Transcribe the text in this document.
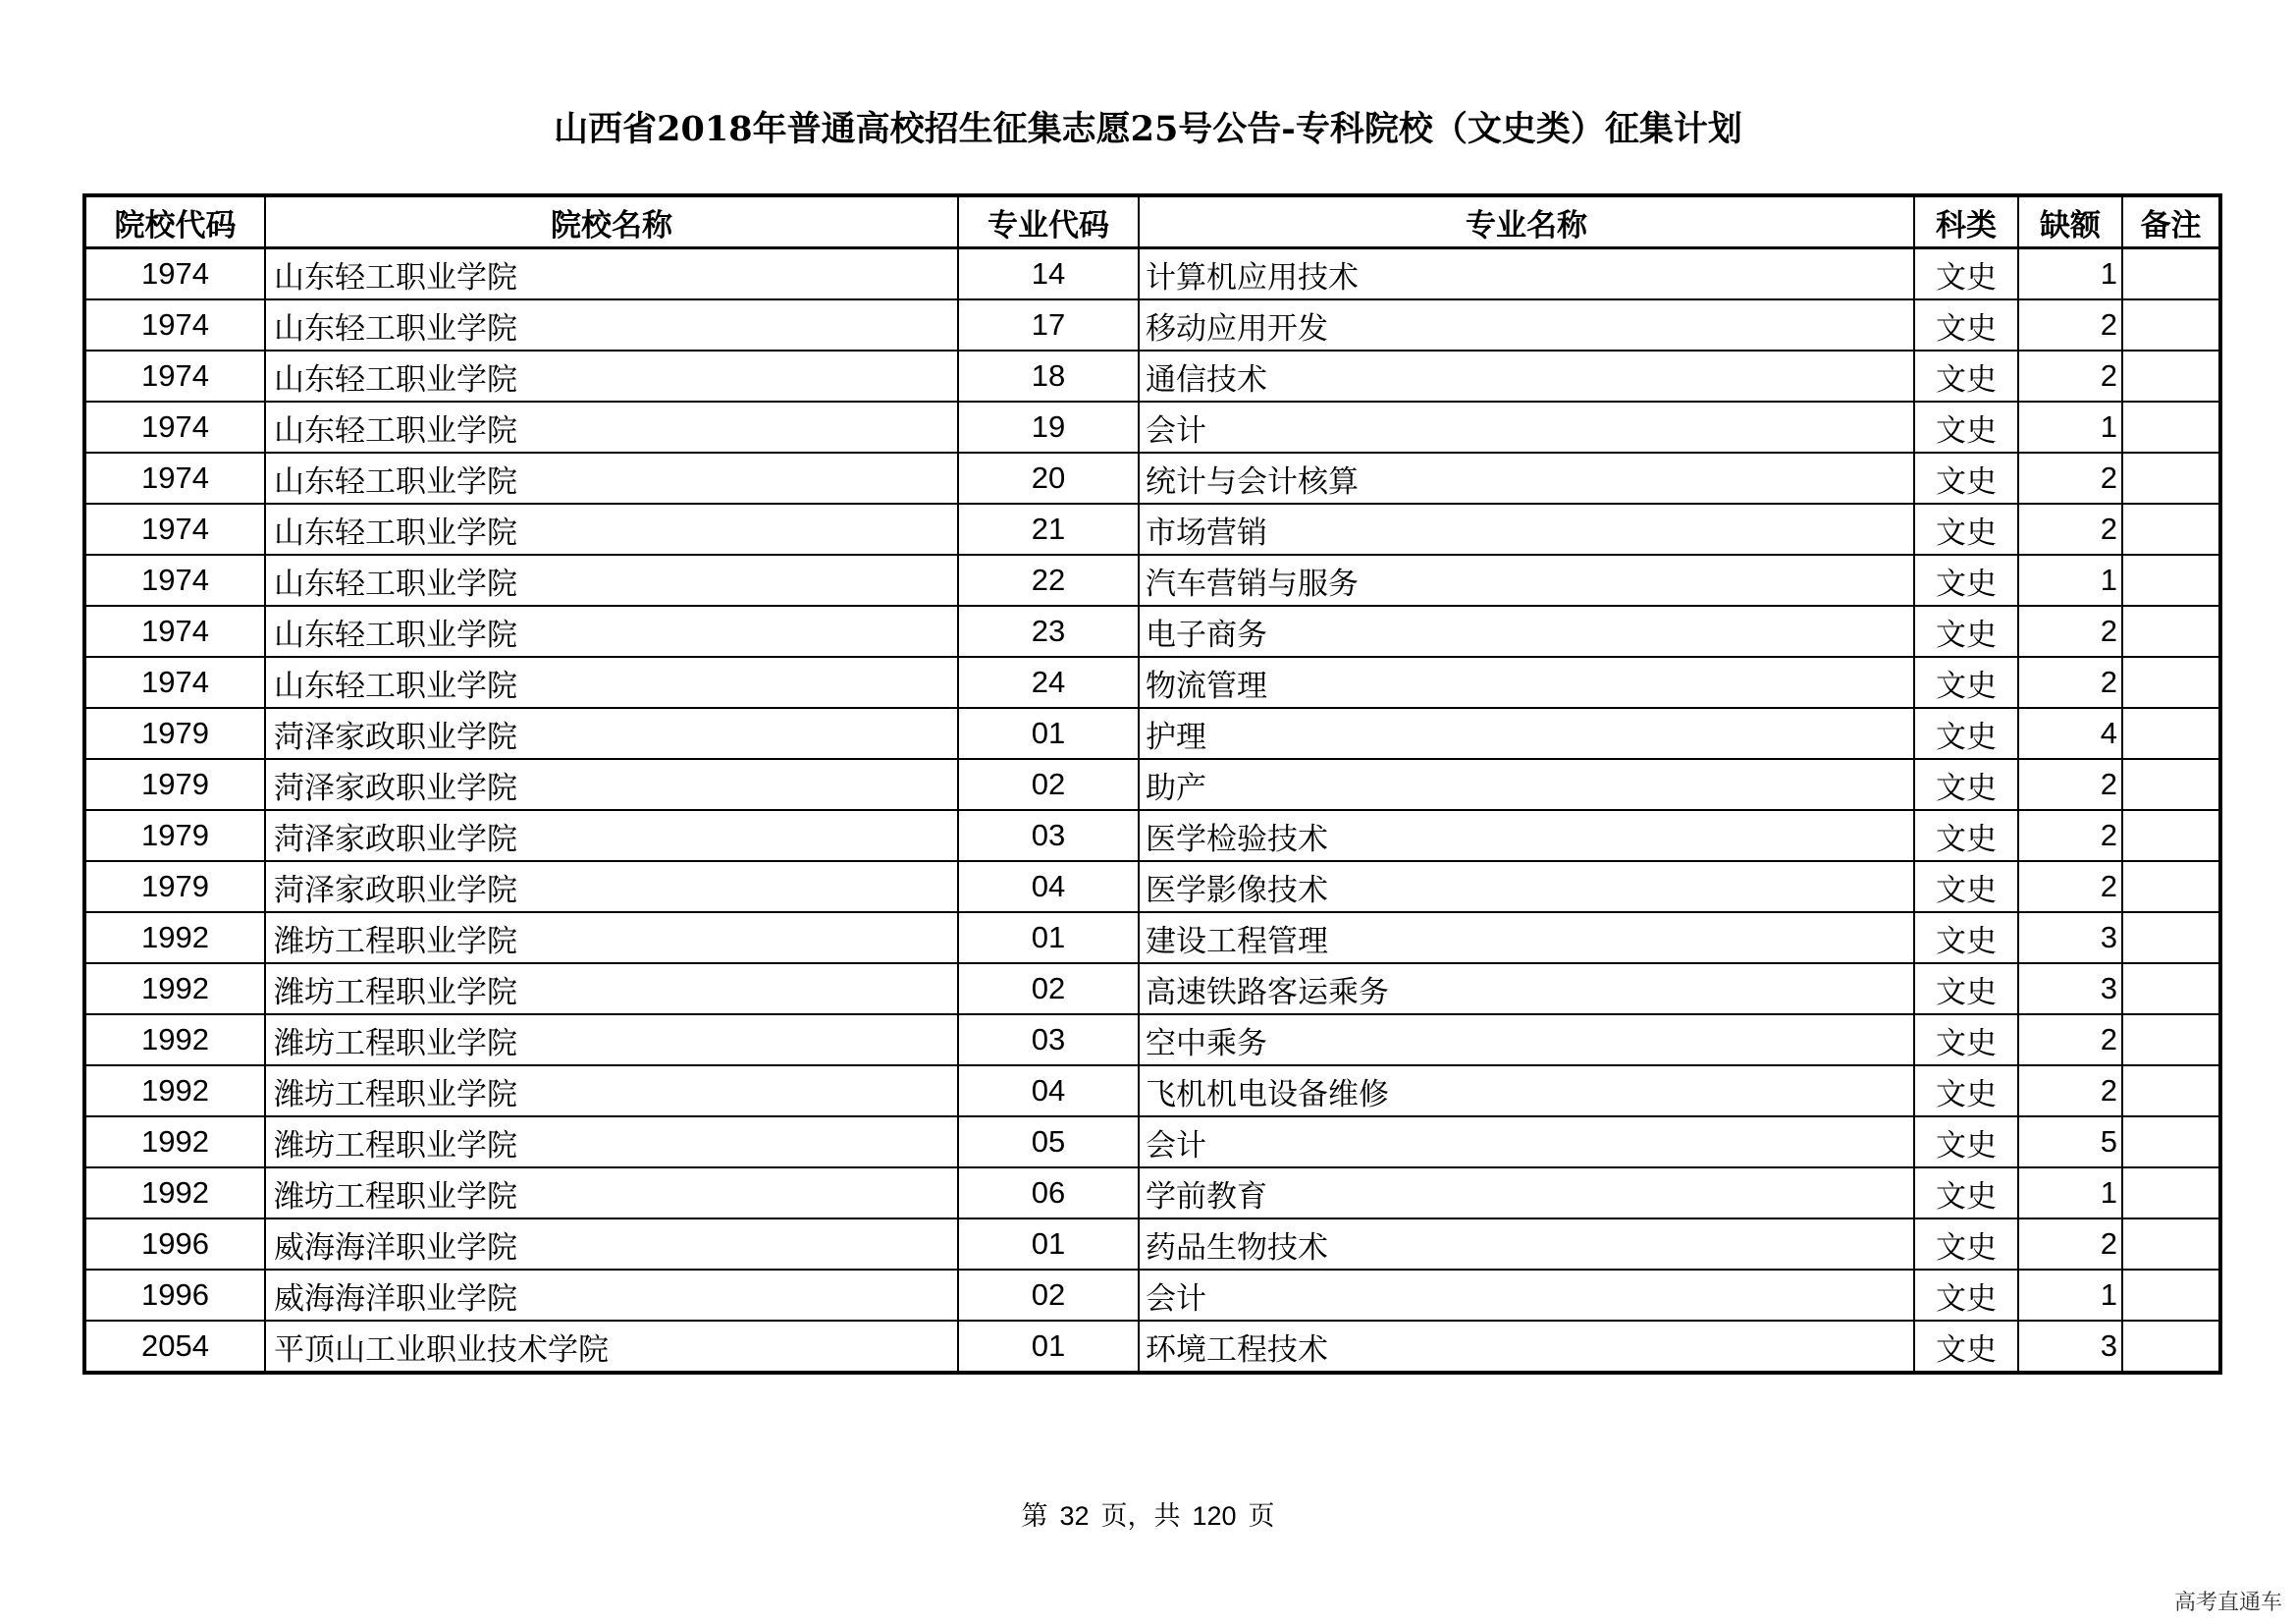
山西省2018年普通高校招生征集志愿25号公告-专科院校（文史类）征集计划
院校代码	院校名称	专业代码	专业名称	科类	缺额	备注
1974	山东轻工职业学院	14	计算机应用技术	文史	1	
1974	山东轻工职业学院	17	移动应用开发	文史	2	
1974	山东轻工职业学院	18	通信技术	文史	2	
1974	山东轻工职业学院	19	会计	文史	1	
1974	山东轻工职业学院	20	统计与会计核算	文史	2	
1974	山东轻工职业学院	21	市场营销	文史	2	
1974	山东轻工职业学院	22	汽车营销与服务	文史	1	
1974	山东轻工职业学院	23	电子商务	文史	2	
1974	山东轻工职业学院	24	物流管理	文史	2	
1979	菏泽家政职业学院	01	护理	文史	4	
1979	菏泽家政职业学院	02	助产	文史	2	
1979	菏泽家政职业学院	03	医学检验技术	文史	2	
1979	菏泽家政职业学院	04	医学影像技术	文史	2	
1992	潍坊工程职业学院	01	建设工程管理	文史	3	
1992	潍坊工程职业学院	02	高速铁路客运乘务	文史	3	
1992	潍坊工程职业学院	03	空中乘务	文史	2	
1992	潍坊工程职业学院	04	飞机机电设备维修	文史	2	
1992	潍坊工程职业学院	05	会计	文史	5	
1992	潍坊工程职业学院	06	学前教育	文史	1	
1996	威海海洋职业学院	01	药品生物技术	文史	2	
1996	威海海洋职业学院	02	会计	文史	1	
2054	平顶山工业职业技术学院	01	环境工程技术	文史	3	
第 32 页，共 120 页
高考直通车
